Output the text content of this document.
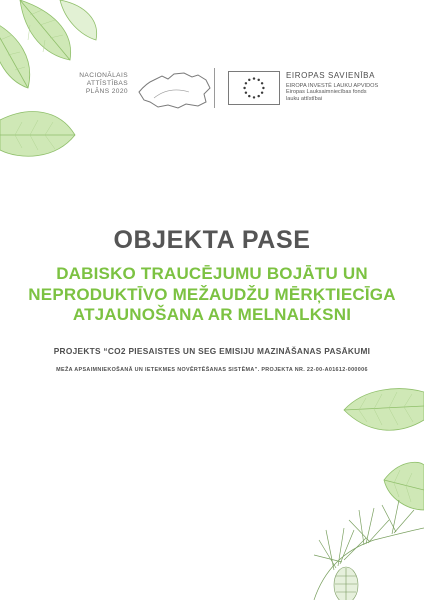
NACIONĀLAIS
ATTĪSTĪBAS
PLĀNS 2020
EIROPAS SAVIENĪBA
EIROPA INVESTĒ LAUKU APVIDOS
Eiropas Lauksaimniecības fonds
lauku attīstībai
OBJEKTA PASE
DABISKO TRAUCĒJUMU BOJĀTU UN
NEPRODUKTĪVO MEŽAUDŽU MĒRĶTIECĪGA
ATJAUNOŠANA AR MELNALKSNI
PROJEKTS “CO2 PIESAISTES UN SEG EMISIJU MAZINĀŠANAS PASĀKUMI
MEŽA APSAIMNIEKOŠANĀ UN IETEKMES NOVĒRTĒŠANAS SISTĒMA”. PROJEKTA NR. 22-00-A01612-000006
